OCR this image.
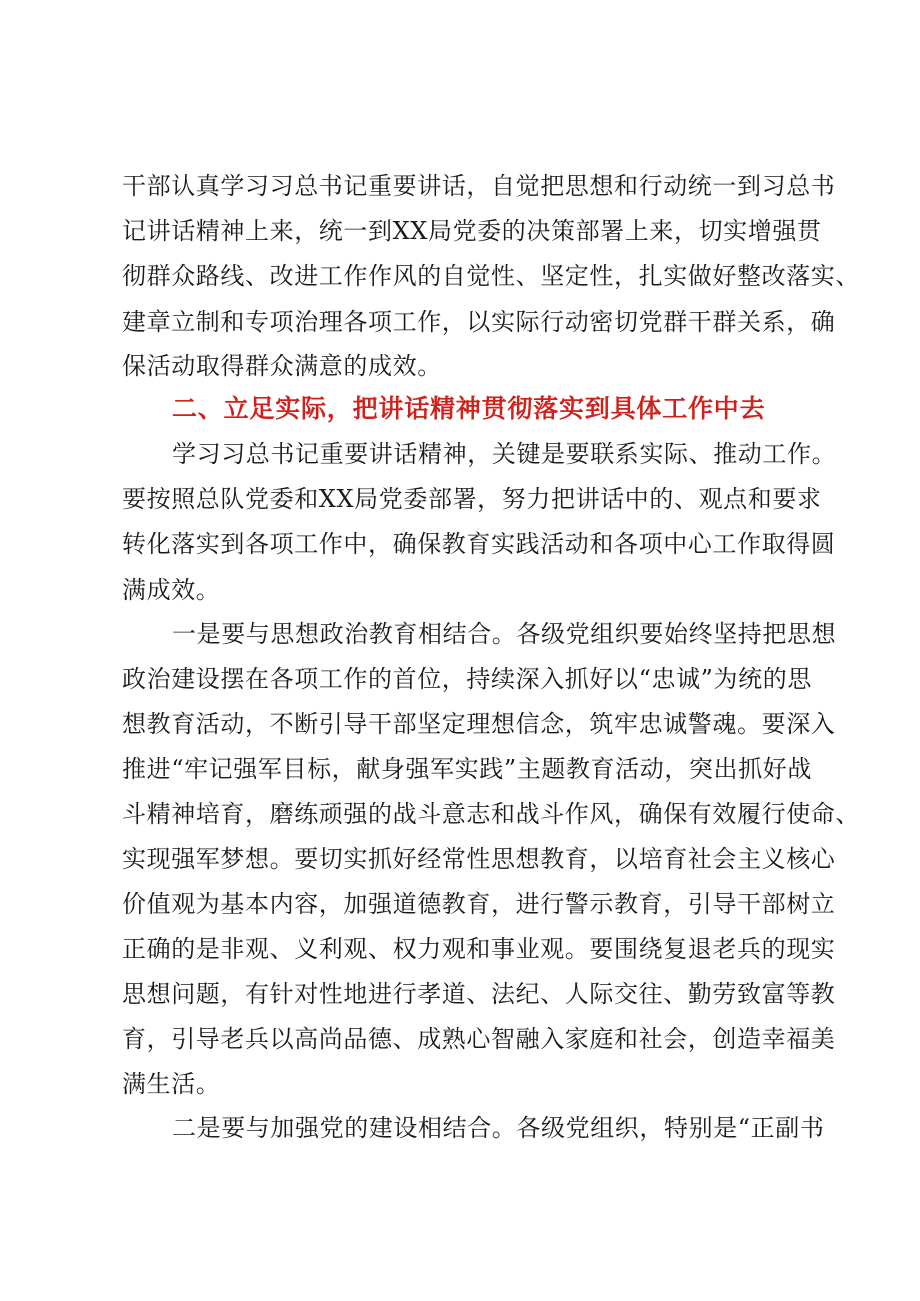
干部认真学习习总书记重要讲话，自觉把思想和行动统一到习总书
记讲话精神上来，统一到XX局党委的决策部署上来，切实增强贯
彻群众路线、改进工作作风的自觉性、坚定性，扎实做好整改落实、
建章立制和专项治理各项工作，以实际行动密切党群干群关系，确
保活动取得群众满意的成效。
二、立足实际，把讲话精神贯彻落实到具体工作中去
学习习总书记重要讲话精神，关键是要联系实际、推动工作。
要按照总队党委和XX局党委部署，努力把讲话中的、观点和要求
转化落实到各项工作中，确保教育实践活动和各项中心工作取得圆
满成效。
一是要与思想政治教育相结合。各级党组织要始终坚持把思想
政治建设摆在各项工作的首位，持续深入抓好以“忠诚”为统的思
想教育活动，不断引导干部坚定理想信念，筑牢忠诚警魂。要深入
推进“牢记强军目标，献身强军实践”主题教育活动，突出抓好战
斗精神培育，磨练顽强的战斗意志和战斗作风，确保有效履行使命、
实现强军梦想。要切实抓好经常性思想教育，以培育社会主义核心
价值观为基本内容，加强道德教育，进行警示教育，引导干部树立
正确的是非观、义利观、权力观和事业观。要围绕复退老兵的现实
思想问题，有针对性地进行孝道、法纪、人际交往、勤劳致富等教
育，引导老兵以高尚品德、成熟心智融入家庭和社会，创造幸福美
满生活。
二是要与加强党的建设相结合。各级党组织，特别是“正副书
